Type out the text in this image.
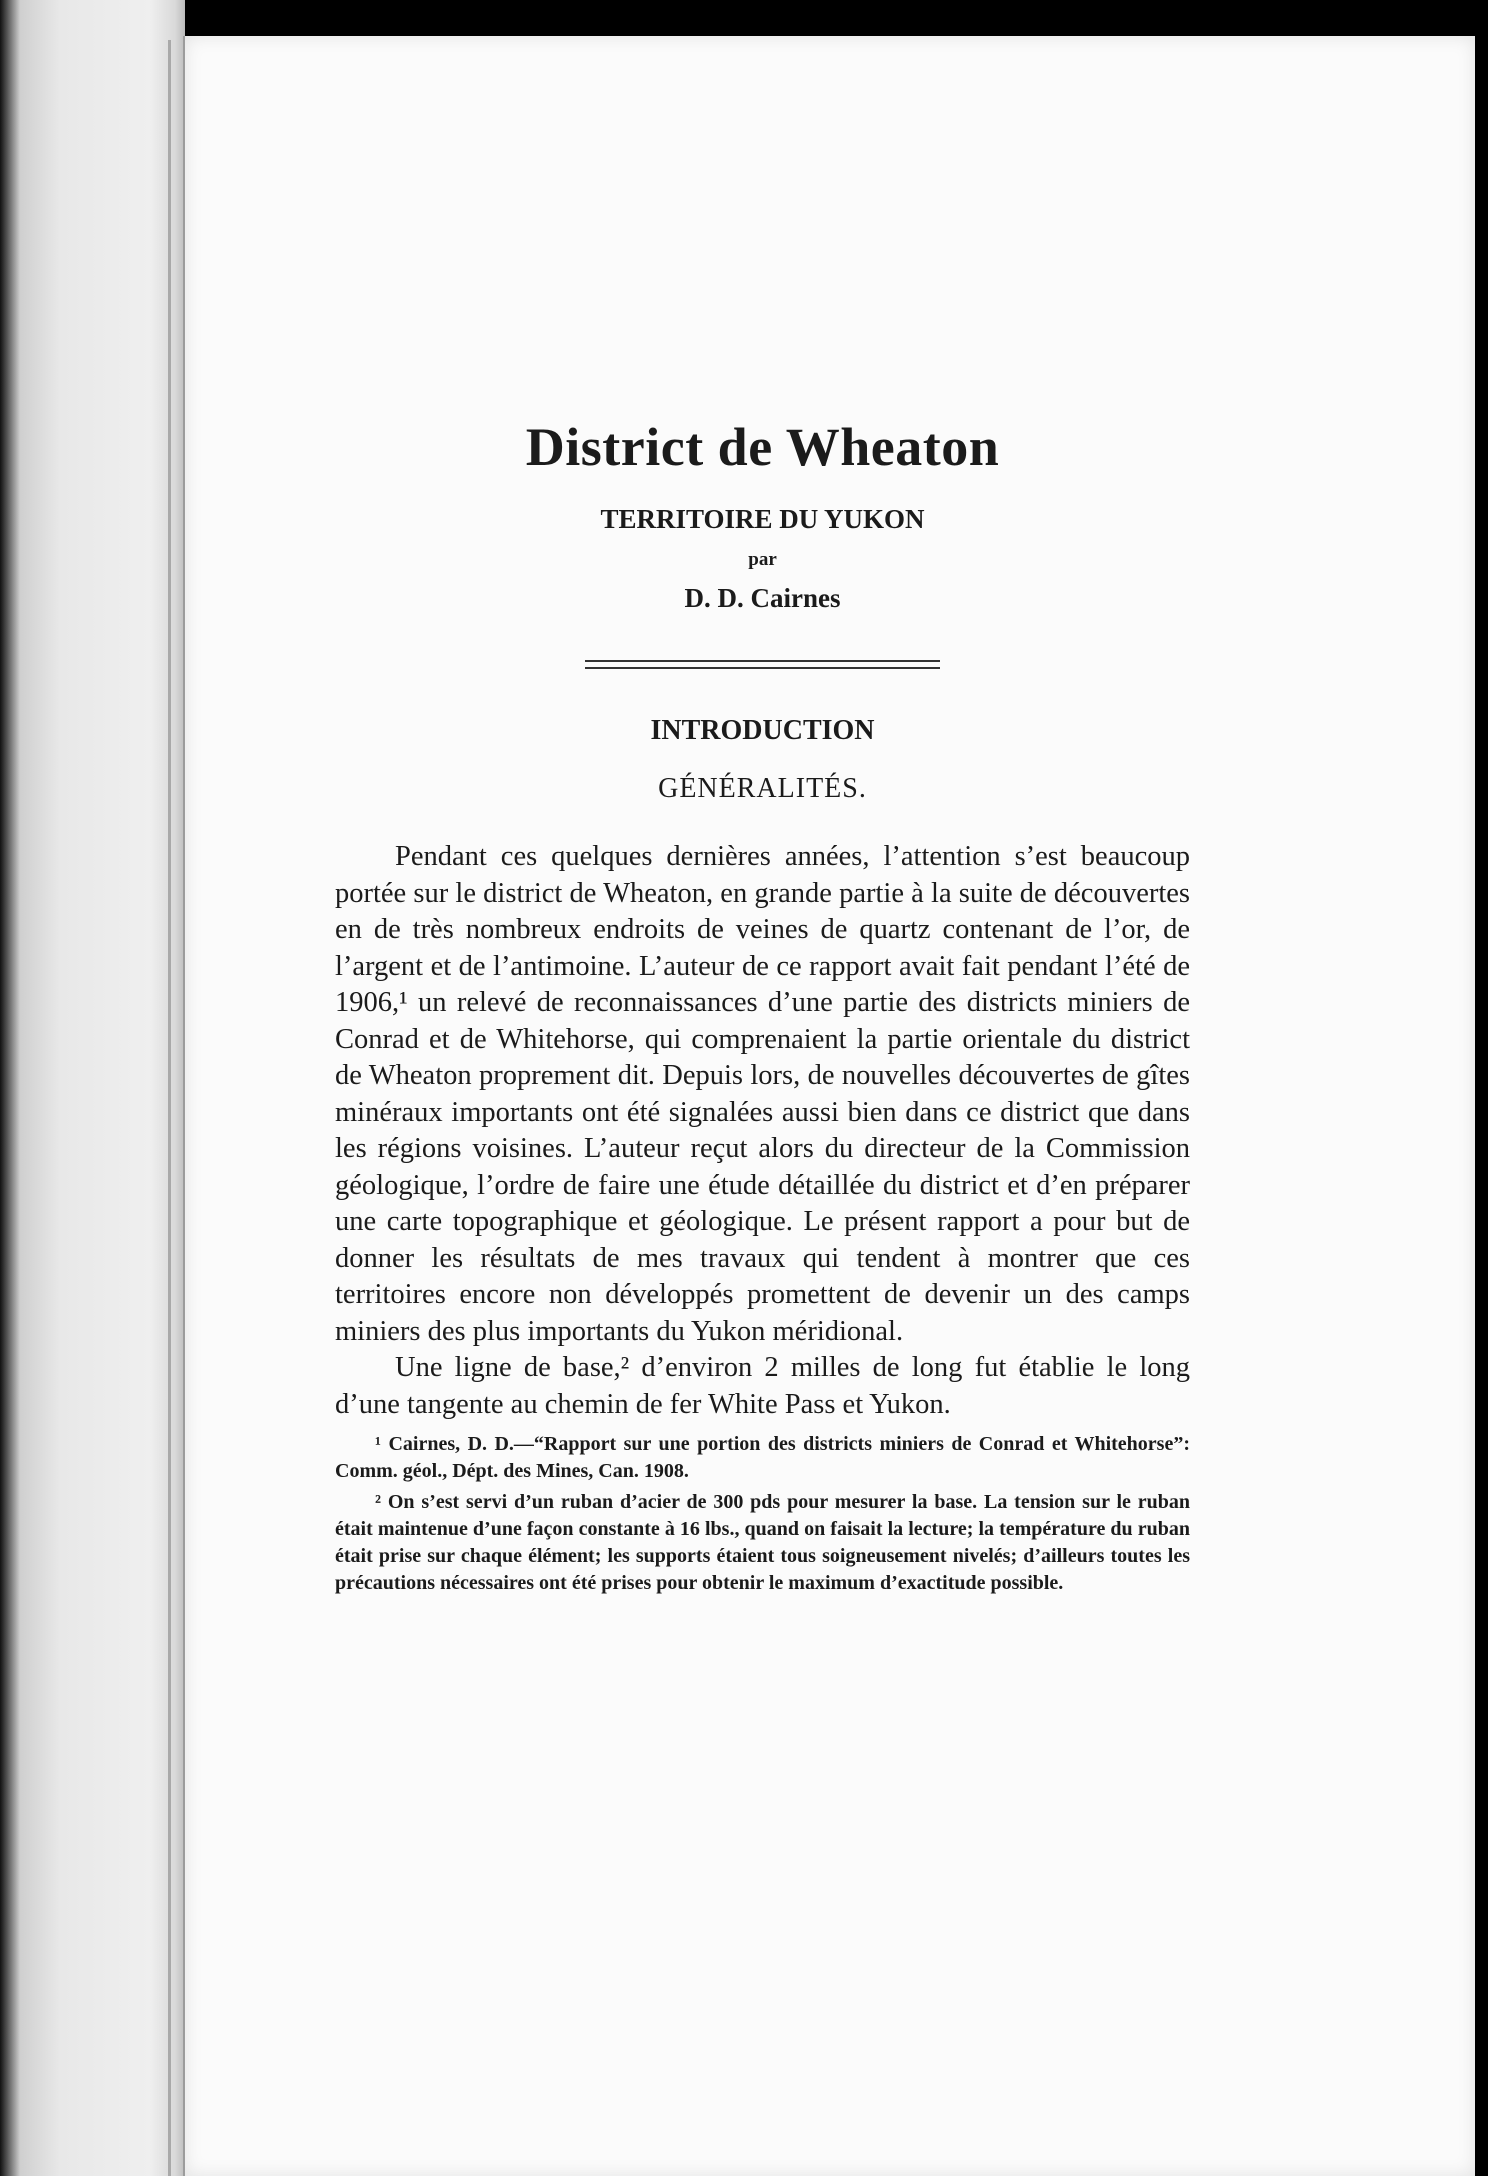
District de Wheaton
TERRITOIRE DU YUKON
par
D. D. Cairnes
INTRODUCTION
GÉNÉRALITÉS.

Pendant ces quelques dernières années, l’attention s’est beaucoup portée sur le district de Wheaton, en grande partie à la suite de découvertes en de très nombreux endroits de veines de quartz contenant de l’or, de l’argent et de l’antimoine. L’auteur de ce rapport avait fait pendant l’été de 1906,¹ un relevé de reconnaissances d’une partie des districts miniers de Conrad et de Whitehorse, qui comprenaient la partie orientale du district de Wheaton proprement dit. Depuis lors, de nouvelles découvertes de gîtes minéraux importants ont été signalées aussi bien dans ce district que dans les régions voisines. L’auteur reçut alors du directeur de la Commission géologique, l’ordre de faire une étude détaillée du district et d’en préparer une carte topographique et géologique. Le présent rapport a pour but de donner les résultats de mes travaux qui tendent à montrer que ces territoires encore non développés promettent de devenir un des camps miniers des plus importants du Yukon méridional.

Une ligne de base,² d’environ 2 milles de long fut établie le long d’une tangente au chemin de fer White Pass et Yukon.

¹ Cairnes, D. D.—“Rapport sur une portion des districts miniers de Conrad et Whitehorse”: Comm. géol., Dépt. des Mines, Can. 1908.

² On s’est servi d’un ruban d’acier de 300 pds pour mesurer la base. La tension sur le ruban était maintenue d’une façon constante à 16 lbs., quand on faisait la lecture; la température du ruban était prise sur chaque élément; les supports étaient tous soigneusement nivelés; d’ailleurs toutes les précautions nécessaires ont été prises pour obtenir le maximum d’exactitude possible.
